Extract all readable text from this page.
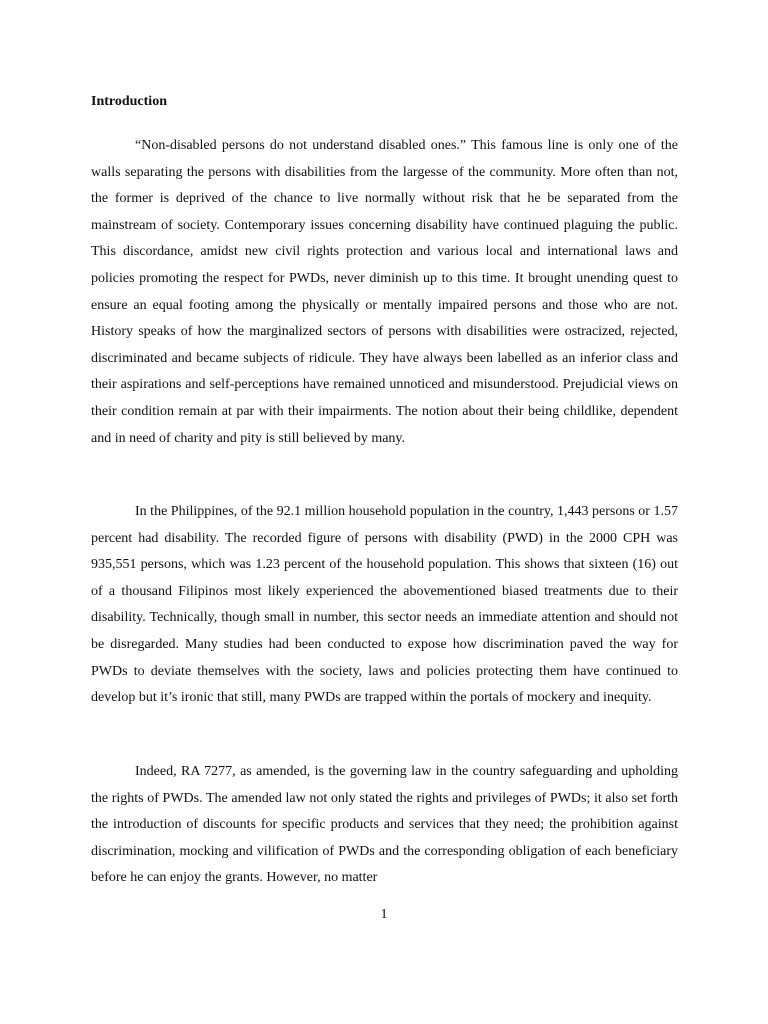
Introduction

“Non-disabled persons do not understand disabled ones.” This famous line is only one of the walls separating the persons with disabilities from the largesse of the community. More often than not, the former is deprived of the chance to live normally without risk that he be separated from the mainstream of society. Contemporary issues concerning disability have continued plaguing the public. This discordance, amidst new civil rights protection and various local and international laws and policies promoting the respect for PWDs, never diminish up to this time. It brought unending quest to ensure an equal footing among the physically or mentally impaired persons and those who are not. History speaks of how the marginalized sectors of persons with disabilities were ostracized, rejected, discriminated and became subjects of ridicule. They have always been labelled as an inferior class and their aspirations and self-perceptions have remained unnoticed and misunderstood. Prejudicial views on their condition remain at par with their impairments. The notion about their being childlike, dependent and in need of charity and pity is still believed by many.

In the Philippines, of the 92.1 million household population in the country, 1,443 persons or 1.57 percent had disability. The recorded figure of persons with disability (PWD) in the 2000 CPH was 935,551 persons, which was 1.23 percent of the household population. This shows that sixteen (16) out of a thousand Filipinos most likely experienced the abovementioned biased treatments due to their disability. Technically, though small in number, this sector needs an immediate attention and should not be disregarded. Many studies had been conducted to expose how discrimination paved the way for PWDs to deviate themselves with the society, laws and policies protecting them have continued to develop but it’s ironic that still, many PWDs are trapped within the portals of mockery and inequity.

Indeed, RA 7277, as amended, is the governing law in the country safeguarding and upholding the rights of PWDs. The amended law not only stated the rights and privileges of PWDs; it also set forth the introduction of discounts for specific products and services that they need; the prohibition against discrimination, mocking and vilification of PWDs and the corresponding obligation of each beneficiary before he can enjoy the grants. However, no matter

1
